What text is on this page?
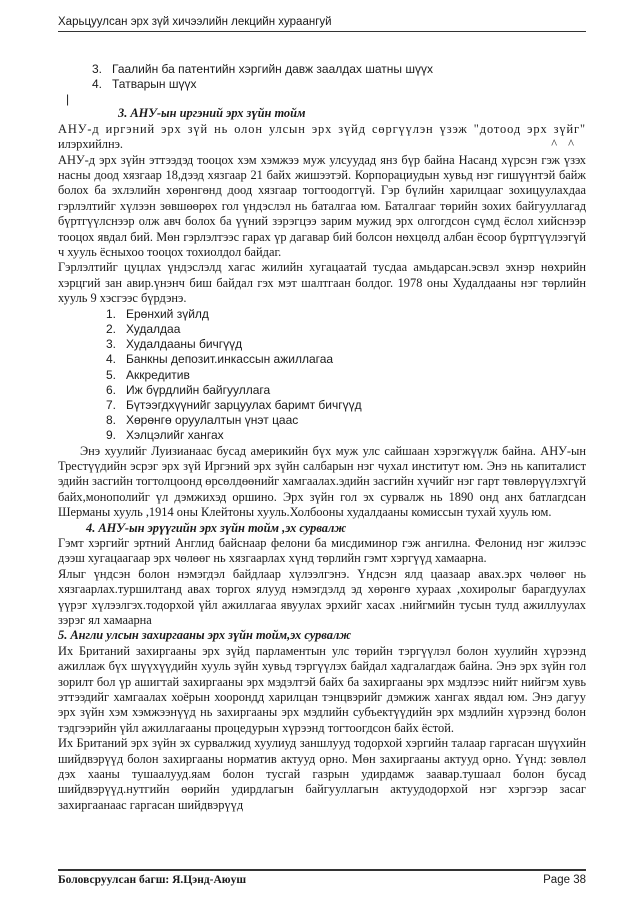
Харьцуулсан эрх зүй хичээлийн лекцийн хураангуй
3. Гаалийн ба патентийн хэргийн давж заалдах шатны шүүх
4. Татварын шүүх
|
3. АНУ-ын иргэний эрх зүйн тойм

АНУ-д иргэний эрх зүй нь олон улсын эрх зүйд сөргүүлэн үзэж "дотоод эрх зүйг"

илэрхийлнэ.	^ ^

АНУ-д эрх зүйн эттээдэд тооцох хэм хэмжээ муж улсуудад янз бүр байна Насанд хүрсэн гэж үзэх насны доод хязгаар 18,дээд хязгаар 21 байх жишээтэй. Корпорациудын хувьд нэг гишүүнтэй байж болох ба эхлэлийн хөрөнгөнд доод хязгаар тогтоодоггүй. Гэр бүлийн харилцааг зохицуулахдаа гэрлэлтийг хүлээн зөвшөөрөх гол үндэслэл нь баталгаа юм. Баталгааг төрийн зохих байгууллагад бүртгүүлснээр олж авч болох ба үүний зэрэгцээ зарим мужид эрх олгогдсон сүмд ёслол хийснээр тооцох явдал бий. Мөн гэрлэлтээс гарах үр дагавар бий болсон нөхцөлд албан ёсоор бүртгүүлээгүй ч хууль ёсныхоо тооцох тохиолдол байдаг.

Гэрлэлтийг цуцлах үндэслэлд хагас жилийн хугацаатай тусдаа амьдарсан.эсвэл эхнэр нөхрийн хэрцгий зан авир.үнэнч биш байдал гэх мэт шалтгаан болдог. 1978 оны Худалдааны нэг төрлийн хууль 9 хэсгээс бүрдэнэ.

1. Ерөнхий зүйлд
2. Худалдаа
3. Худалдааны бичгүүд
4. Банкны депозит.инкассын ажиллагаа
5. Аккредитив
6. Иж бүрдлийн байгууллага
7. Бүтээгдхүүнийг зарцуулах баримт бичгүүд
8. Хөрөнгө оруулалтын үнэт цаас
9. Хэлцэлийг хангах

Энэ хуулийг Луизианаас бусад америкийн бүх муж улс сайшаан хэрэгжүүлж байна. АНУ-ын Трестүүдийн эсрэг эрх зүй Иргэний эрх зүйн салбарын нэг чухал институт юм. Энэ нь капиталист эдийн засгийн тогтолцоонд өрсөлдөөнийг хамгаалах.эдийн засгийн хүчийг нэг гарт төвлөрүүлэхгүй байх,монополийг үл дэмжихэд оршино. Эрх зүйн гол эх сурвалж нь 1890 онд анх батлагдсан Шерманы хууль ,1914 оны Клейтоны хууль.Холбооны худалдааны комиссын тухай хууль юм.

4. АНУ-ын эрүүгийн эрх зүйн тойм ,эх сурвалж

Гэмт хэргийг эртний Англид байснаар фелони ба мисдиминор гэж ангилна. Фелонид нэг жилээс дээш хугацаагаар эрх чөлөөг нь хязгаарлах хүнд төрлийн гэмт хэргүүд хамаарна.

Ялыг үндсэн болон нэмэгдэл байдлаар хүлээлгэнэ. Үндсэн ялд цаазаар авах.эрх чөлөөг нь хязгаарлах.туршилтанд авах торгох ялууд нэмэгдэлд эд хөрөнгө хураах ,хохиролыг барагдуулах үүрэг хүлээлгэх.тодорхой үйл ажиллагаа явуулах эрхийг хасах .нийгмийн тусын тулд ажиллуулах зэрэг ял хамаарна

5. Англи улсын захиргааны эрх зүйн тойм,эх сурвалж

Их Британий захиргааны эрх зүйд парламентын улс төрийн тэргүүлэл болон хуулийн хүрээнд ажиллаж бүх шүүхүүдийн хууль зүйн хувьд тэргүүлэх байдал хадгалагдаж байна. Энэ эрх зүйн гол зорилт бол үр ашигтай захиргааны эрх мэдэлтэй байх ба захиргааны эрх мэдлээс нийт нийгэм хувь эттээдийг хамгаалах хоёрын хоорондд харилцан тэнцвэрийг дэмжиж хангах явдал юм. Энэ дагуу эрх зүйн хэм хэмжээнүүд нь захиргааны эрх мэдлийн субъектүүдийн эрх мэдлийн хүрээнд болон тэдгээрийн үйл ажиллагааны процедурын хүрээнд тогтоогдсон байх ёстой.

Их Британий эрх зүйн эх сурвалжид хуулиуд заншлууд тодорхой хэргийн талаар гаргасан шүүхийн шийдвэрүүд болон захиргааны норматив актууд орно. Мөн захиргааны актууд орно. Үүнд: зөвлөл дэх хааны тушаалууд.яам болон тусгай газрын удирдамж заавар.тушаал болон бусад шийдвэрүүд.нутгийн өөрийн удирдлагын байгууллагын актуудодорхой нэг хэргээр засаг захиргаанаас гаргасан шийдвэрүүд

Боловсруулсан багш: Я.Цэнд-Аюуш	Page 38
